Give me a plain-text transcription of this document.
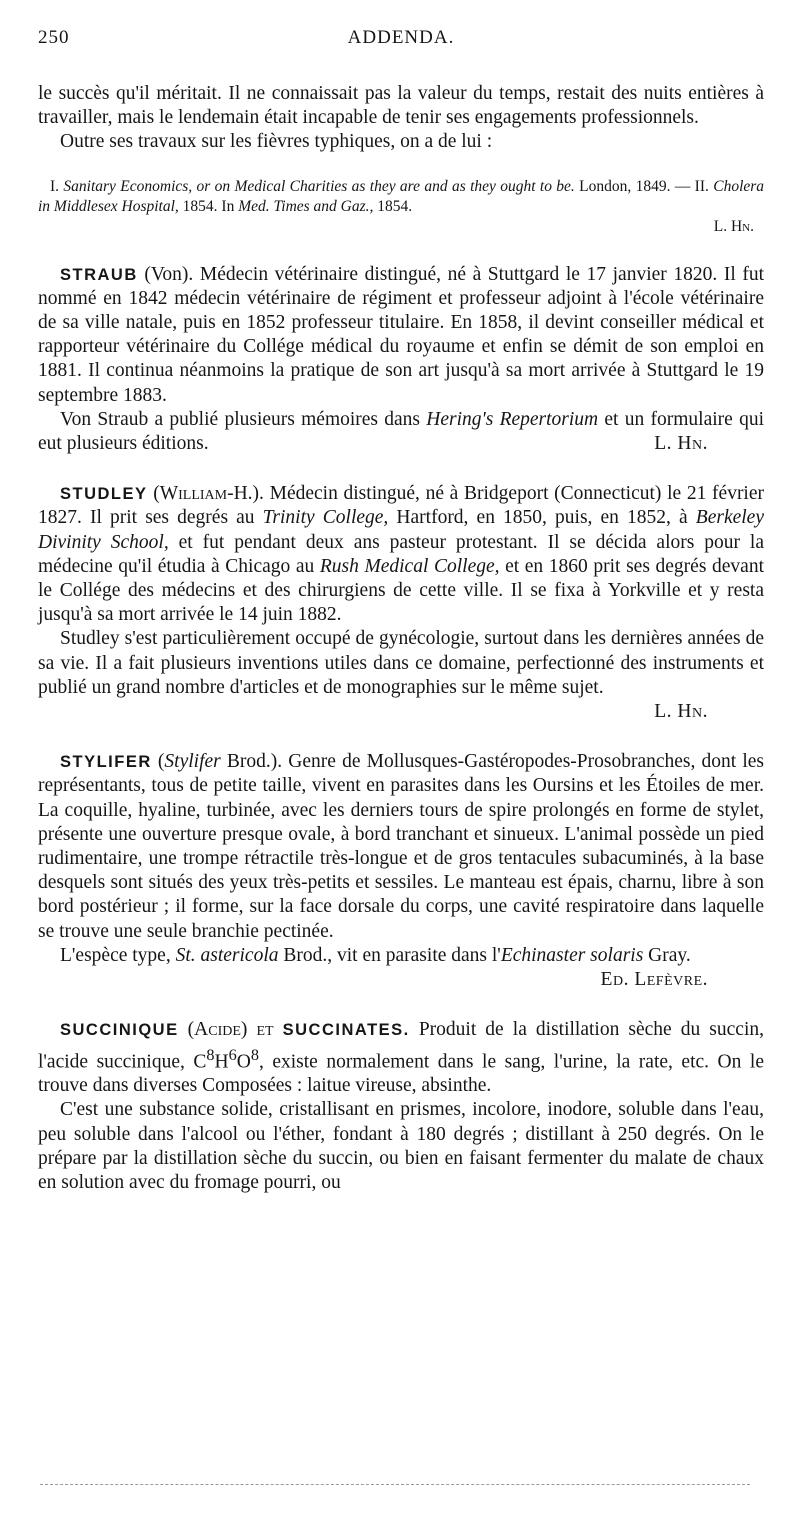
250	ADDENDA.

le succès qu'il méritait. Il ne connaissait pas la valeur du temps, restait des nuits entières à travailler, mais le lendemain était incapable de tenir ses engagements professionnels.

Outre ses travaux sur les fièvres typhiques, on a de lui :

I. Sanitary Economics, or on Medical Charities as they are and as they ought to be. London, 1849. — II. Cholera in Middlesex Hospital, 1854. In Med. Times and Gaz., 1854.

L. Hn.

STRAUB (Von). Médecin vétérinaire distingué, né à Stuttgard le 17 janvier 1820. Il fut nommé en 1842 médecin vétérinaire de régiment et professeur adjoint à l'école vétérinaire de sa ville natale, puis en 1852 professeur titulaire. En 1858, il devint conseiller médical et rapporteur vétérinaire du Collége médical du royaume et enfin se démit de son emploi en 1881. Il continua néanmoins la pratique de son art jusqu'à sa mort arrivée à Stuttgard le 19 septembre 1883.

Von Straub a publié plusieurs mémoires dans Hering's Repertorium et un formulaire qui eut plusieurs éditions.	L. Hn.

STUDLEY (William-H.). Médecin distingué, né à Bridgeport (Connecticut) le 21 février 1827. Il prit ses degrés au Trinity College, Hartford, en 1850, puis, en 1852, à Berkeley Divinity School, et fut pendant deux ans pasteur protestant. Il se décida alors pour la médecine qu'il étudia à Chicago au Rush Medical College, et en 1860 prit ses degrés devant le Collége des médecins et des chirurgiens de cette ville. Il se fixa à Yorkville et y resta jusqu'à sa mort arrivée le 14 juin 1882.

Studley s'est particulièrement occupé de gynécologie, surtout dans les dernières années de sa vie. Il a fait plusieurs inventions utiles dans ce domaine, perfectionné des instruments et publié un grand nombre d'articles et de monographies sur le même sujet.
L. Hn.

STYLIFER (Stylifer Brod.). Genre de Mollusques-Gastéropodes-Prosobranches, dont les représentants, tous de petite taille, vivent en parasites dans les Oursins et les Étoiles de mer. La coquille, hyaline, turbinée, avec les derniers tours de spire prolongés en forme de stylet, présente une ouverture presque ovale, à bord tranchant et sinueux. L'animal possède un pied rudimentaire, une trompe rétractile très-longue et de gros tentacules subacuminés, à la base desquels sont situés des yeux très-petits et sessiles. Le manteau est épais, charnu, libre à son bord postérieur ; il forme, sur la face dorsale du corps, une cavité respiratoire dans laquelle se trouve une seule branchie pectinée.

L'espèce type, St. astericola Brod., vit en parasite dans l'Echinaster solaris Gray.
Ed. Lefèvre.

SUCCINIQUE (Acide) et SUCCINATES. Produit de la distillation sèche du succin, l'acide succinique, $C^8H^6O^8$, existe normalement dans le sang, l'urine, la rate, etc. On le trouve dans diverses Composées : laitue vireuse, absinthe.

C'est une substance solide, cristallisant en prismes, incolore, inodore, soluble dans l'eau, peu soluble dans l'alcool ou l'éther, fondant à 180 degrés ; distillant à 250 degrés. On le prépare par la distillation sèche du succin, ou bien en faisant fermenter du malate de chaux en solution avec du fromage pourri, ou
